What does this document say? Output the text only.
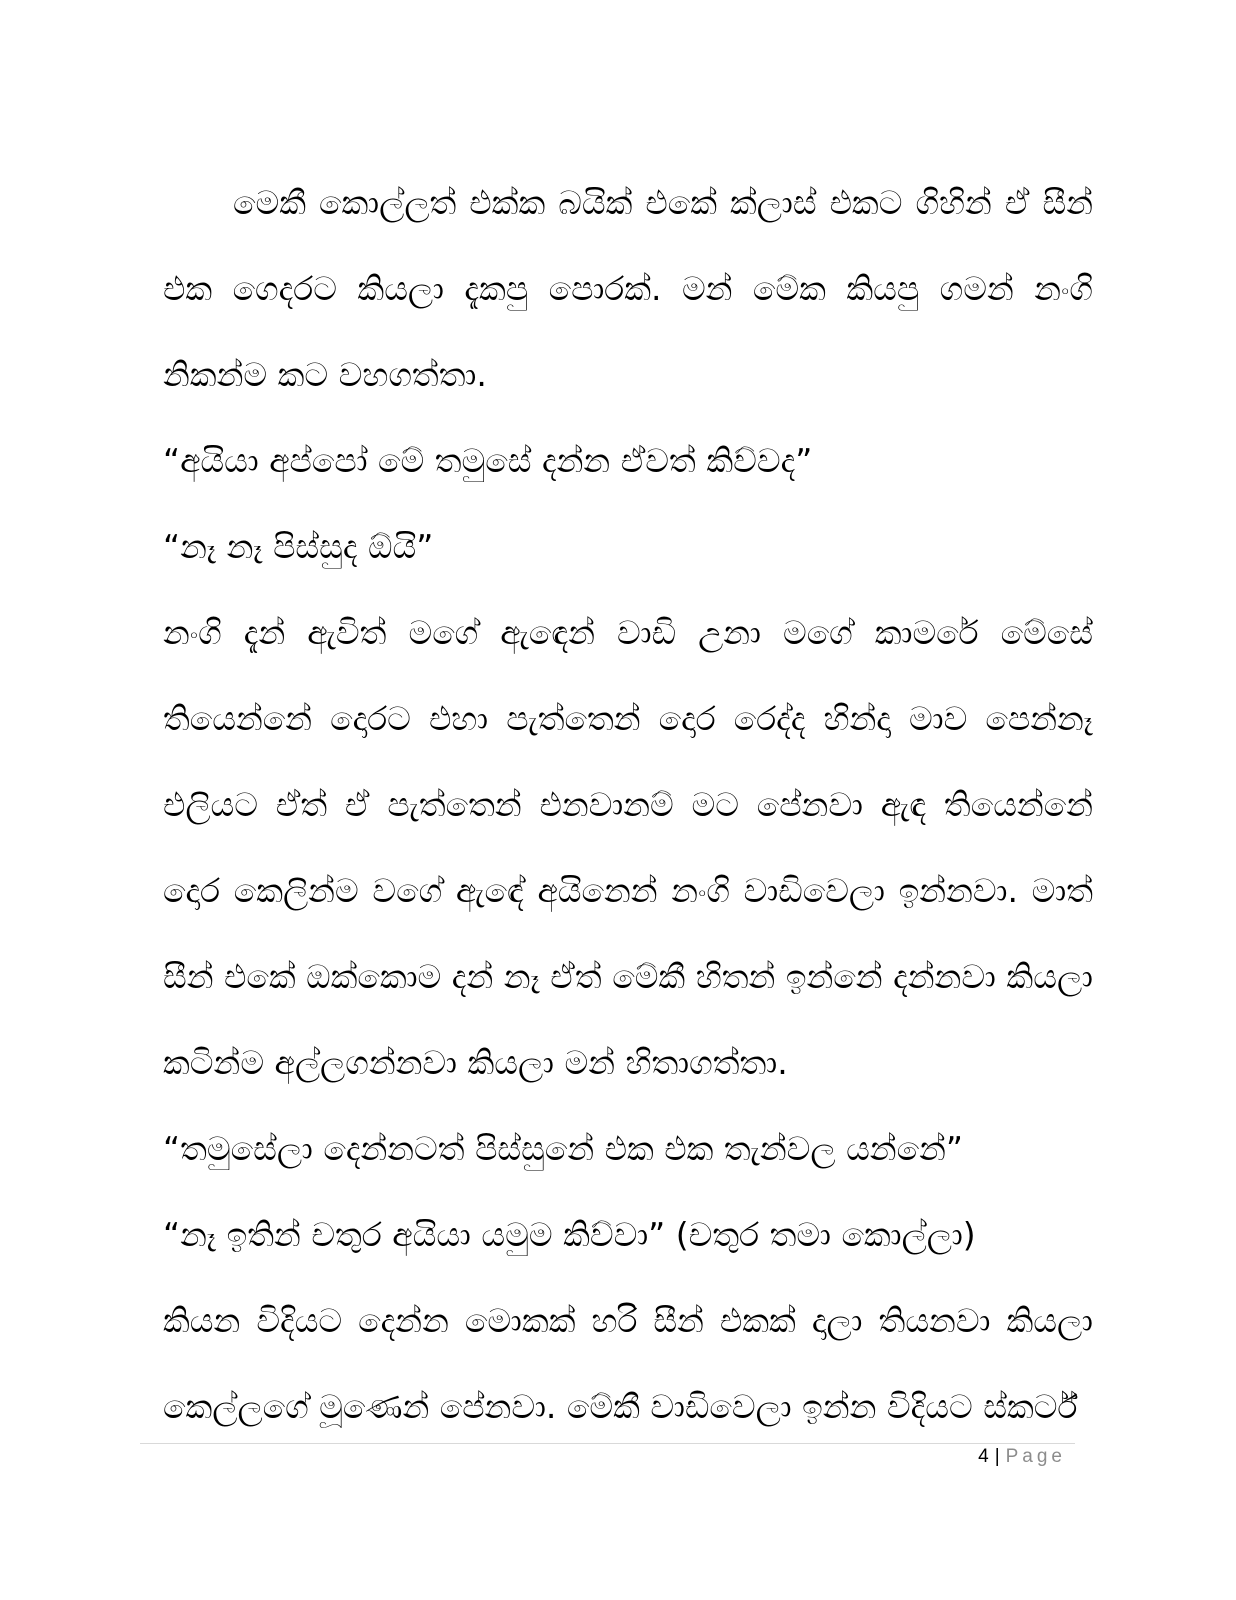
මෙකී කොල්ලත් එක්ක බයික් එකේ ක්ලාස් එකට ගිහින් ඒ සීන් එක ගෙදරට කියලා දැකපු පොරක්. මන් මේක කියපු ගමන් නංගි නිකන්ම කට වහගත්තා.

“අයියා අප්පෝ මේ තමුසේ දන්න ඒවත් කිව්වද”

“නෑ නෑ පිස්සුද ඕයි”

නංගි දැන් ඇවිත් මගේ ඇඳෙන් වාඩි උනා මගේ කාමරේ මේසේ තියෙන්නේ දොරට එහා පැත්තෙන් දොර රෙද්ද හින්දා මාව පෙන්නෑ එලියට ඒත් ඒ පැත්තෙන් එනවානම් මට පේනවා ඇඳ තියෙන්නේ දොර කෙලින්ම වගේ ඇඳේ අයිනෙන් නංගි වාඩිවෙලා ඉන්නවා. මාත් සීන් එකේ ඔක්කොම දන් නෑ ඒත් මේකී හිතන් ඉන්නේ දන්නවා කියලා කටින්ම අල්ලගන්නවා කියලා මන් හිතාගත්තා.

“තමුසේලා දෙන්නටත් පිස්සුනේ එක එක තැන්වල යන්නේ”

“නෑ ඉතින් චතුර අයියා යමුම කිව්වා” (චතුර තමා කොල්ලා)

කියන විදියට දෙන්න මොකක් හරි සීන් එකක් දාලා තියනවා කියලා කෙල්ලගේ මූණෙන් පේනවා. මේකී වාඩිවෙලා ඉන්න විදියට ස්කර්ට්

4 | Page
